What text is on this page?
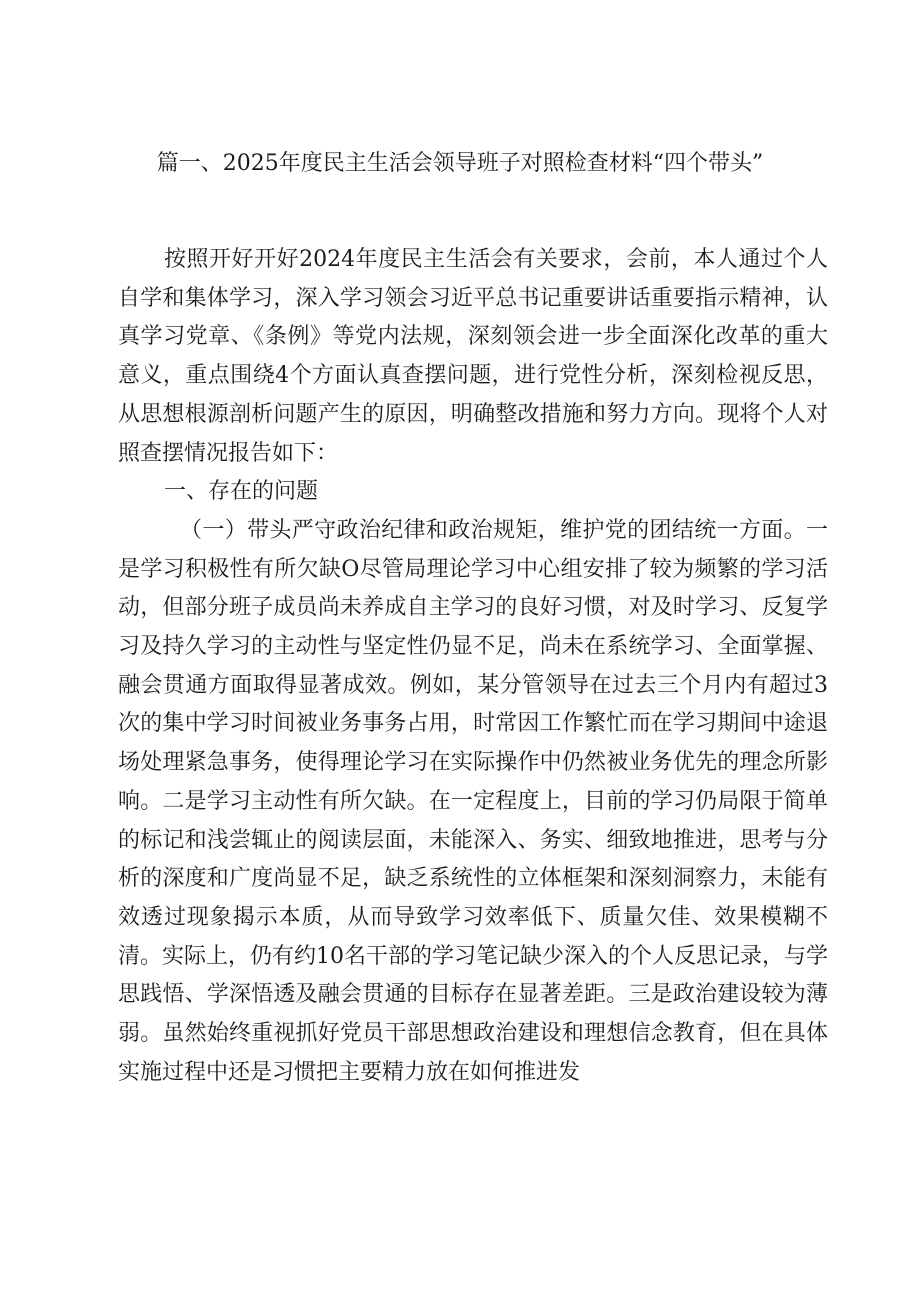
篇一、2025年度民主生活会领导班子对照检查材料“四个带头”

按照开好开好2024年度民主生活会有关要求，会前，本人通过个人自学和集体学习，深入学习领会习近平总书记重要讲话重要指示精神，认真学习党章、《条例》等党内法规，深刻领会进一步全面深化改革的重大意义，重点围绕4个方面认真查摆问题，进行党性分析，深刻检视反思，从思想根源剖析问题产生的原因，明确整改措施和努力方向。现将个人对照查摆情况报告如下：

一、存在的问题

（一）带头严守政治纪律和政治规矩，维护党的团结统一方面。一是学习积极性有所欠缺O尽管局理论学习中心组安排了较为频繁的学习活动，但部分班子成员尚未养成自主学习的良好习惯，对及时学习、反复学习及持久学习的主动性与坚定性仍显不足，尚未在系统学习、全面掌握、融会贯通方面取得显著成效。例如，某分管领导在过去三个月内有超过3次的集中学习时间被业务事务占用，时常因工作繁忙而在学习期间中途退场处理紧急事务，使得理论学习在实际操作中仍然被业务优先的理念所影响。二是学习主动性有所欠缺。在一定程度上，目前的学习仍局限于简单的标记和浅尝辄止的阅读层面，未能深入、务实、细致地推进，思考与分析的深度和广度尚显不足，缺乏系统性的立体框架和深刻洞察力，未能有效透过现象揭示本质，从而导致学习效率低下、质量欠佳、效果模糊不清。实际上，仍有约10名干部的学习笔记缺少深入的个人反思记录，与学思践悟、学深悟透及融会贯通的目标存在显著差距。三是政治建设较为薄弱。虽然始终重视抓好党员干部思想政治建设和理想信念教育，但在具体实施过程中还是习惯把主要精力放在如何推进发
